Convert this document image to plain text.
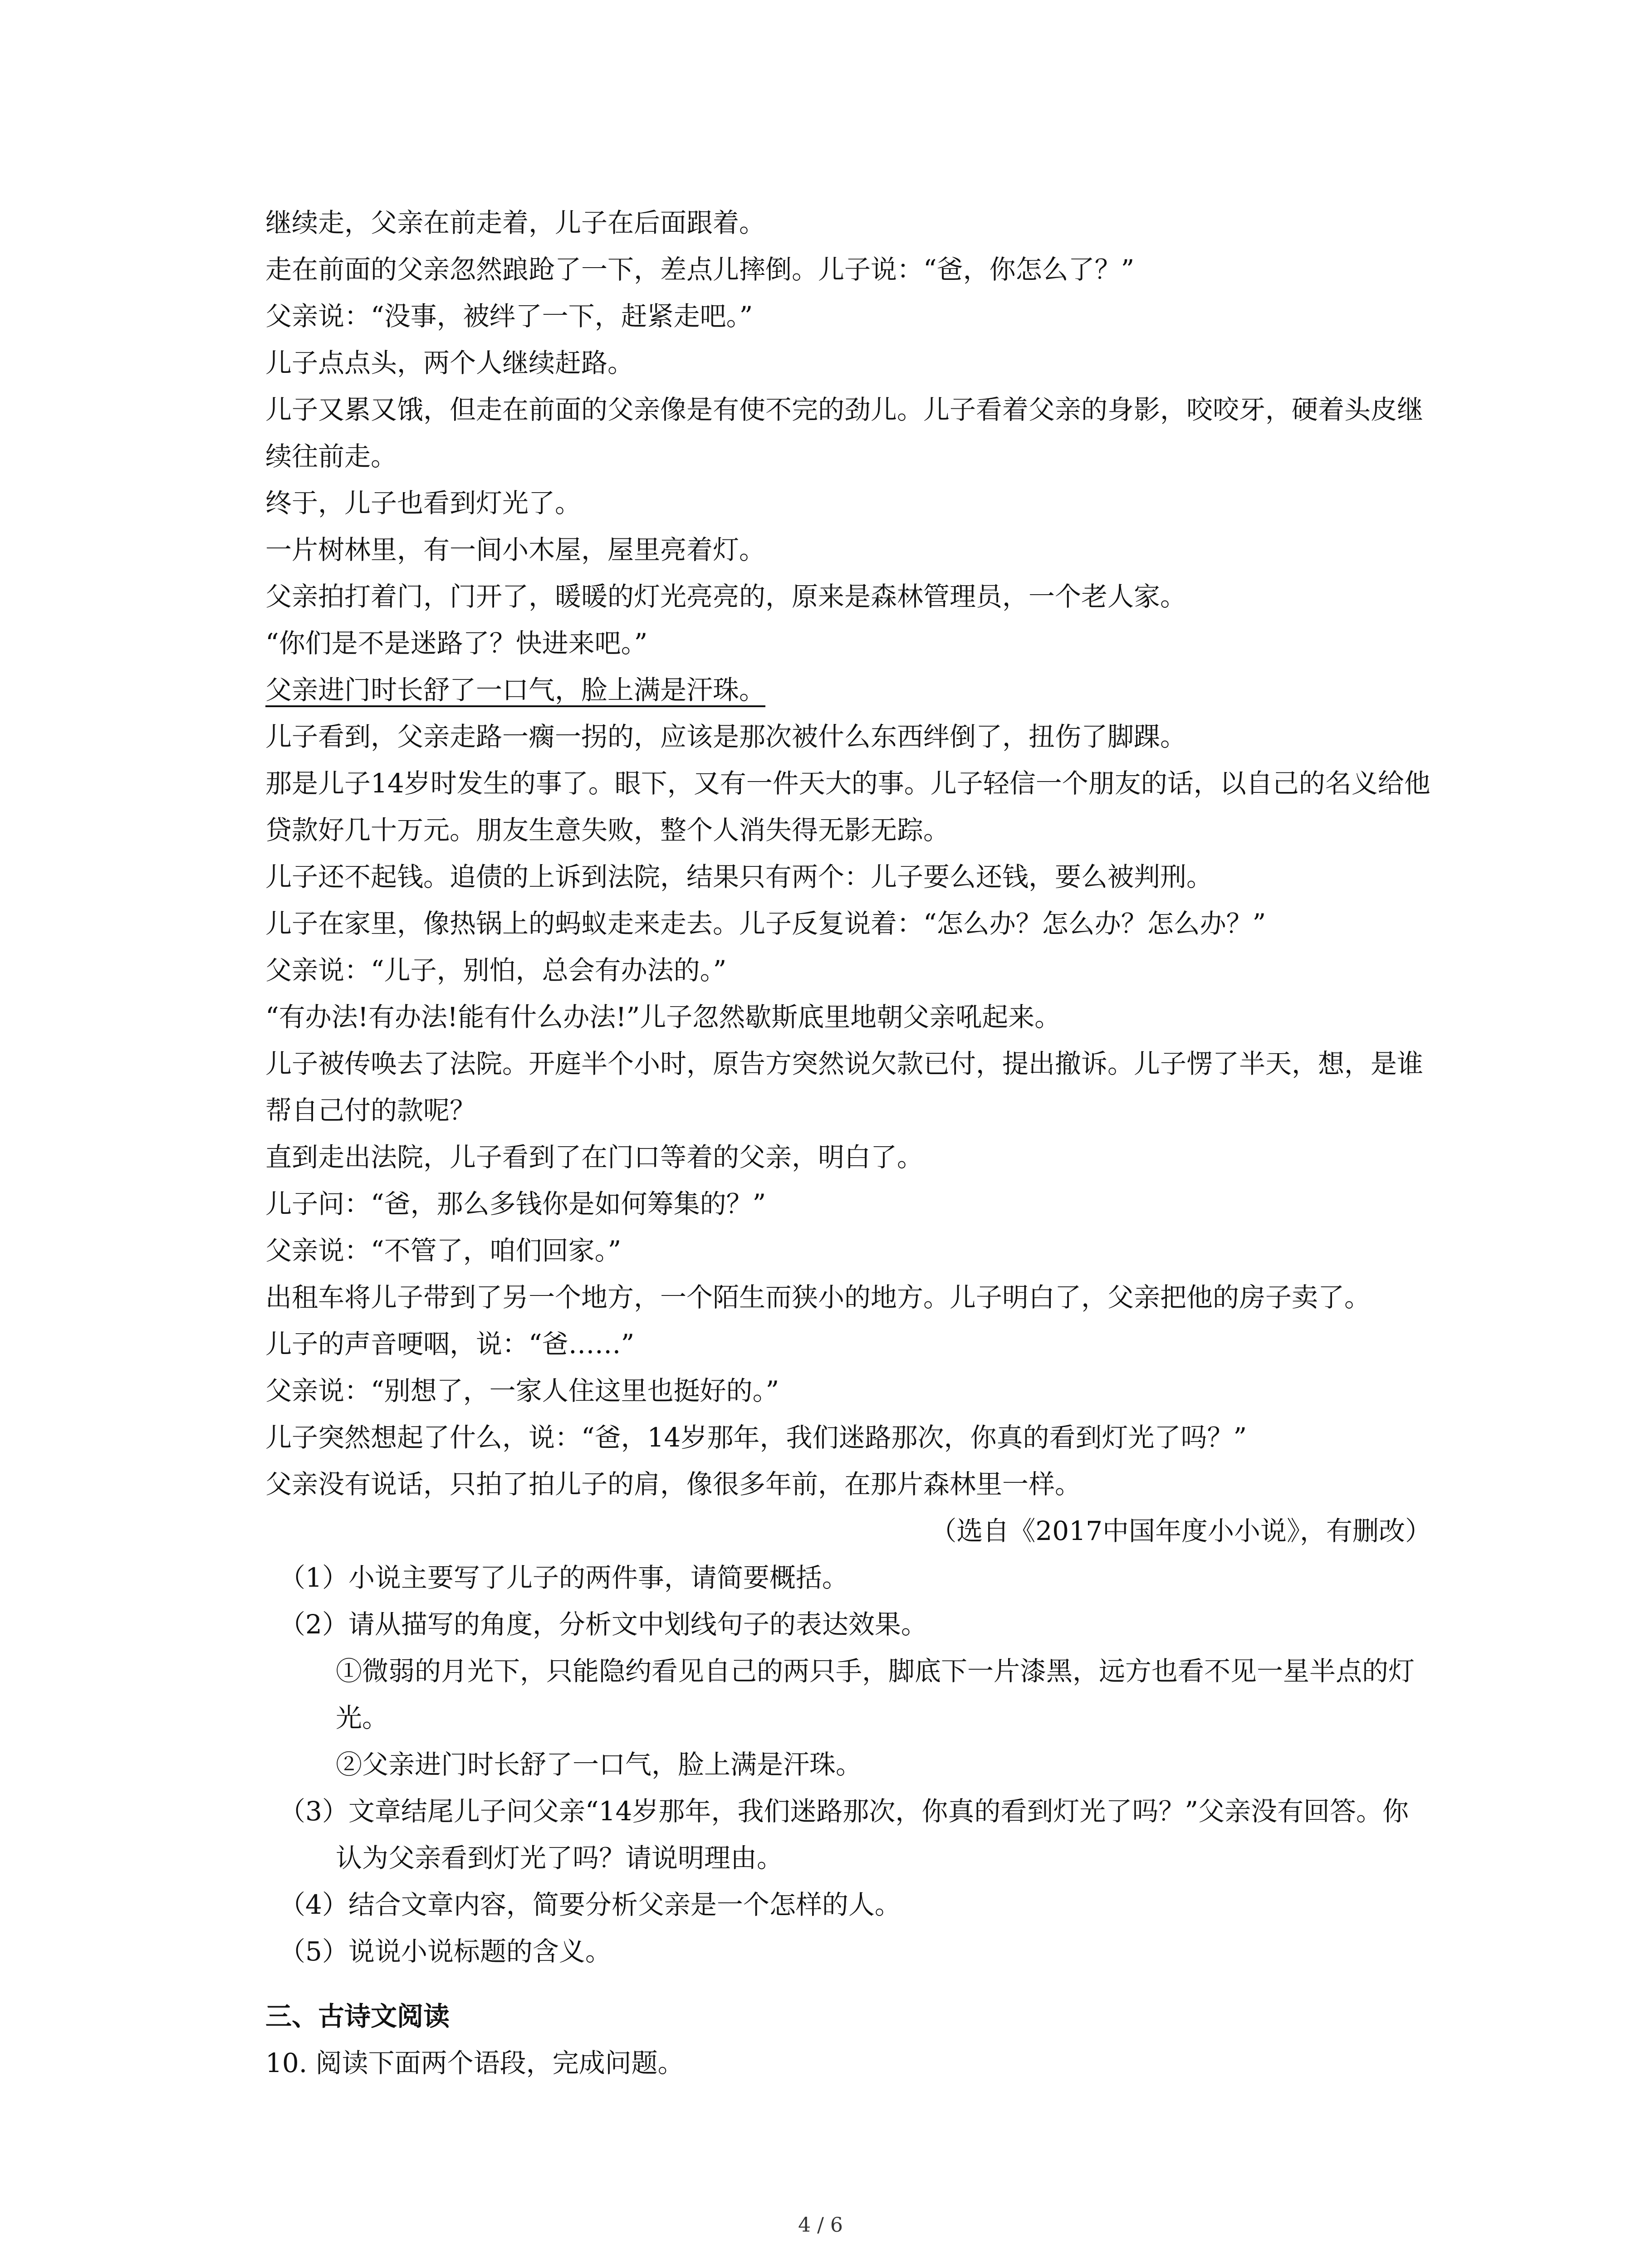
继续走，父亲在前走着，儿子在后面跟着。

走在前面的父亲忽然踉跄了一下，差点儿摔倒。儿子说：“爸，你怎么了？”

父亲说：“没事，被绊了一下，赶紧走吧。”

儿子点点头，两个人继续赶路。

儿子又累又饿，但走在前面的父亲像是有使不完的劲儿。儿子看着父亲的身影，咬咬牙，硬着头皮继续往前走。

终于，儿子也看到灯光了。

一片树林里，有一间小木屋，屋里亮着灯。

父亲拍打着门，门开了，暖暖的灯光亮亮的，原来是森林管理员，一个老人家。

“你们是不是迷路了？快进来吧。”

父亲进门时长舒了一口气，脸上满是汗珠。

儿子看到，父亲走路一瘸一拐的，应该是那次被什么东西绊倒了，扭伤了脚踝。

那是儿子14岁时发生的事了。眼下，又有一件天大的事。儿子轻信一个朋友的话，以自己的名义给他贷款好几十万元。朋友生意失败，整个人消失得无影无踪。

儿子还不起钱。追债的上诉到法院，结果只有两个：儿子要么还钱，要么被判刑。

儿子在家里，像热锅上的蚂蚁走来走去。儿子反复说着：“怎么办？怎么办？怎么办？”

父亲说：“儿子，别怕，总会有办法的。”

“有办法!有办法!能有什么办法!”儿子忽然歇斯底里地朝父亲吼起来。

儿子被传唤去了法院。开庭半个小时，原告方突然说欠款已付，提出撤诉。儿子愣了半天，想，是谁帮自己付的款呢？

直到走出法院，儿子看到了在门口等着的父亲，明白了。

儿子问：“爸，那么多钱你是如何筹集的？”

父亲说：“不管了，咱们回家。”

出租车将儿子带到了另一个地方，一个陌生而狭小的地方。儿子明白了，父亲把他的房子卖了。

儿子的声音哽咽，说：“爸……”

父亲说：“别想了，一家人住这里也挺好的。”

儿子突然想起了什么，说：“爸，14岁那年，我们迷路那次，你真的看到灯光了吗？”

父亲没有说话，只拍了拍儿子的肩，像很多年前，在那片森林里一样。

（选自《2017中国年度小小说》，有删改）

（1）小说主要写了儿子的两件事，请简要概括。

（2）请从描写的角度，分析文中划线句子的表达效果。

①微弱的月光下，只能隐约看见自己的两只手，脚底下一片漆黑，远方也看不见一星半点的灯光。

②父亲进门时长舒了一口气，脸上满是汗珠。

（3）文章结尾儿子问父亲“14岁那年，我们迷路那次，你真的看到灯光了吗？”父亲没有回答。你认为父亲看到灯光了吗？请说明理由。

（4）结合文章内容，简要分析父亲是一个怎样的人。

（5）说说小说标题的含义。

三、古诗文阅读

10. 阅读下面两个语段，完成问题。

4 / 6
